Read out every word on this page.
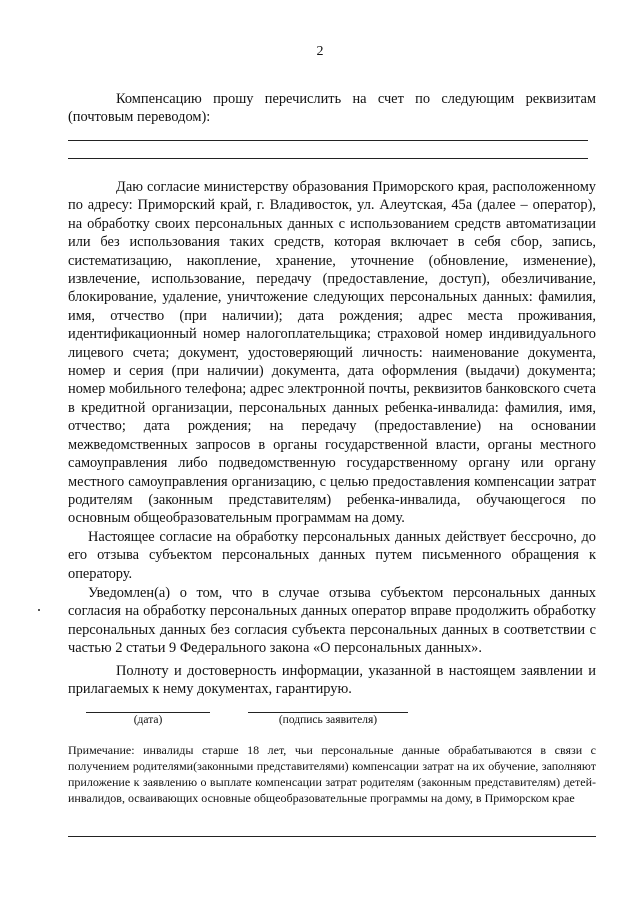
2
Компенсацию прошу перечислить на счет по следующим реквизитам (почтовым переводом):
Даю согласие министерству образования Приморского края, расположенному по адресу: Приморский край, г. Владивосток, ул. Алеутская, 45а (далее – оператор), на обработку своих персональных данных с использованием средств автоматизации или без использования таких средств, которая включает в себя сбор, запись, систематизацию, накопление, хранение, уточнение (обновление, изменение), извлечение, использование, передачу (предоставление, доступ), обезличивание, блокирование, удаление, уничтожение следующих персональных данных: фамилия, имя, отчество (при наличии); дата рождения; адрес места проживания, идентификационный номер налогоплательщика; страховой номер индивидуального лицевого счета; документ, удостоверяющий личность: наименование документа, номер и серия (при наличии) документа, дата оформления (выдачи) документа; номер мобильного телефона; адрес электронной почты, реквизитов банковского счета в кредитной организации, персональных данных ребенка-инвалида: фамилия, имя, отчество; дата рождения; на передачу (предоставление) на основании межведомственных запросов в органы государственной власти, органы местного самоуправления либо подведомственную государственному органу или органу местного самоуправления организацию, с целью предоставления компенсации затрат родителям (законным представителям) ребенка-инвалида, обучающегося по основным общеобразовательным программам на дому.
Настоящее согласие на обработку персональных данных действует бессрочно, до его отзыва субъектом персональных данных путем письменного обращения к оператору.
Уведомлен(а) о том, что в случае отзыва субъектом персональных данных согласия на обработку персональных данных оператор вправе продолжить обработку персональных данных без согласия субъекта персональных данных в соответствии с частью 2 статьи 9 Федерального закона «О персональных данных».
Полноту и достоверность информации, указанной в настоящем заявлении и прилагаемых к нему документах, гарантирую.
(дата)	(подпись заявителя)
Примечание: инвалиды старше 18 лет, чьи персональные данные обрабатываются в связи с получением родителями(законными представителями) компенсации затрат на их обучение, заполняют приложение к заявлению о выплате компенсации затрат родителям (законным представителям) детей-инвалидов, осваивающих основные общеобразовательные программы на дому, в Приморском крае
